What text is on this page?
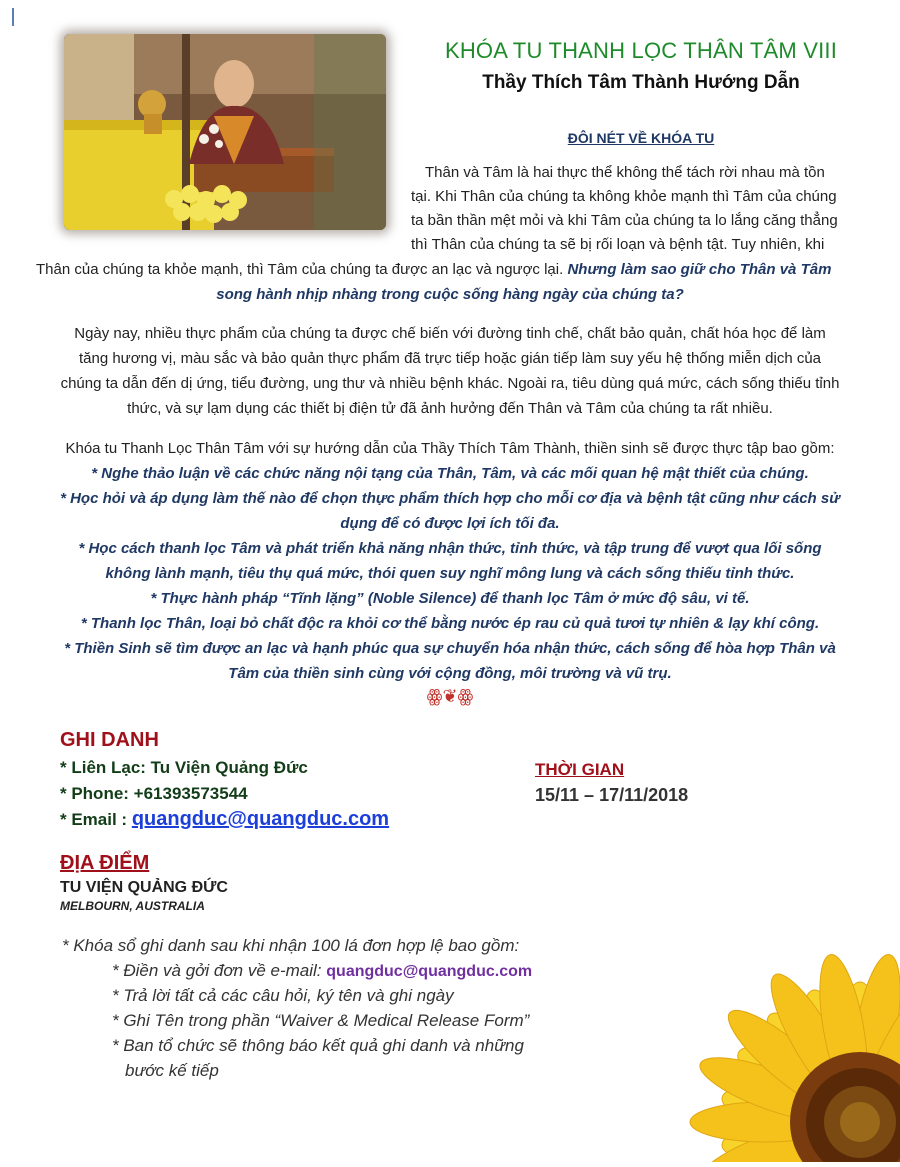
KHÓA TU THANH LỌC THÂN TÂM VIII
Thầy Thích Tâm Thành Hướng Dẫn
ĐÔI NÉT VỀ KHÓA TU
Thân và Tâm là hai thực thể không thể tách rời nhau mà tồn
tại. Khi Thân của chúng ta không khỏe mạnh thì Tâm của chúng
ta bần thần mệt mỏi và khi Tâm của chúng ta lo lắng căng thẳng
thì Thân của chúng ta sẽ bị rối loạn và bệnh tật. Tuy nhiên, khi
Thân của chúng ta khỏe mạnh, thì Tâm của chúng ta được an lạc và ngược lại. Nhưng làm sao giữ cho Thân và Tâm
song hành nhịp nhàng trong cuộc sống hàng ngày của chúng ta?
Ngày nay, nhiều thực phẩm của chúng ta được chế biến với đường tinh chế, chất bảo quản, chất hóa học để làm
tăng hương vị, màu sắc và bảo quản thực phẩm đã trực tiếp hoặc gián tiếp làm suy yếu hệ thống miễn dịch của
chúng ta dẫn đến dị ứng, tiểu đường, ung thư và nhiều bệnh khác. Ngoài ra, tiêu dùng quá mức, cách sống thiếu tỉnh
thức, và sự lạm dụng các thiết bị điện tử đã ảnh hưởng đến Thân và Tâm của chúng ta rất nhiều.
Khóa tu Thanh Lọc Thân Tâm với sự hướng dẫn của Thầy Thích Tâm Thành, thiền sinh sẽ được thực tập bao gồm:
* Nghe thảo luận về các chức năng nội tạng của Thân, Tâm, và các mối quan hệ mật thiết của chúng.
* Học hỏi và áp dụng làm thế nào để chọn thực phẩm thích hợp cho mỗi cơ địa và bệnh tật cũng như cách sử
dụng để có được lợi ích tối đa.
* Học cách thanh lọc Tâm và phát triển khả năng nhận thức, tỉnh thức, và tập trung để vượt qua lối sống
không lành mạnh, tiêu thụ quá mức, thói quen suy nghĩ mông lung và cách sống thiếu tỉnh thức.
* Thực hành pháp “Tĩnh lặng” (Noble Silence) để thanh lọc Tâm ở mức độ sâu, vi tế.
* Thanh lọc Thân, loại bỏ chất độc ra khỏi cơ thể bằng nước ép rau củ quả tươi tự nhiên & lạy khí công.
* Thiền Sinh sẽ tìm được an lạc và hạnh phúc qua sự chuyển hóa nhận thức, cách sống để hòa hợp Thân và
Tâm của thiền sinh cùng với cộng đồng, môi trường và vũ trụ.
ꙮ❦ꙮ
GHI DANH
* Liên Lạc: Tu Viện Quảng Đức
* Phone: +61393573544
* Email : quangduc@quangduc.com
THỜI GIAN
15/11 – 17/11/2018
ĐỊA ĐIỂM
TU VIỆN QUẢNG ĐỨC
MELBOURN, AUSTRALIA
* Khóa sổ ghi danh sau khi nhận 100 lá đơn hợp lệ bao gồm:
* Điền và gởi đơn về e-mail: quangduc@quangduc.com
* Trả lời tất cả các câu hỏi, ký tên và ghi ngày
* Ghi Tên trong phần “Waiver & Medical Release Form”
* Ban tổ chức sẽ thông báo kết quả ghi danh và những
bước kế tiếp
